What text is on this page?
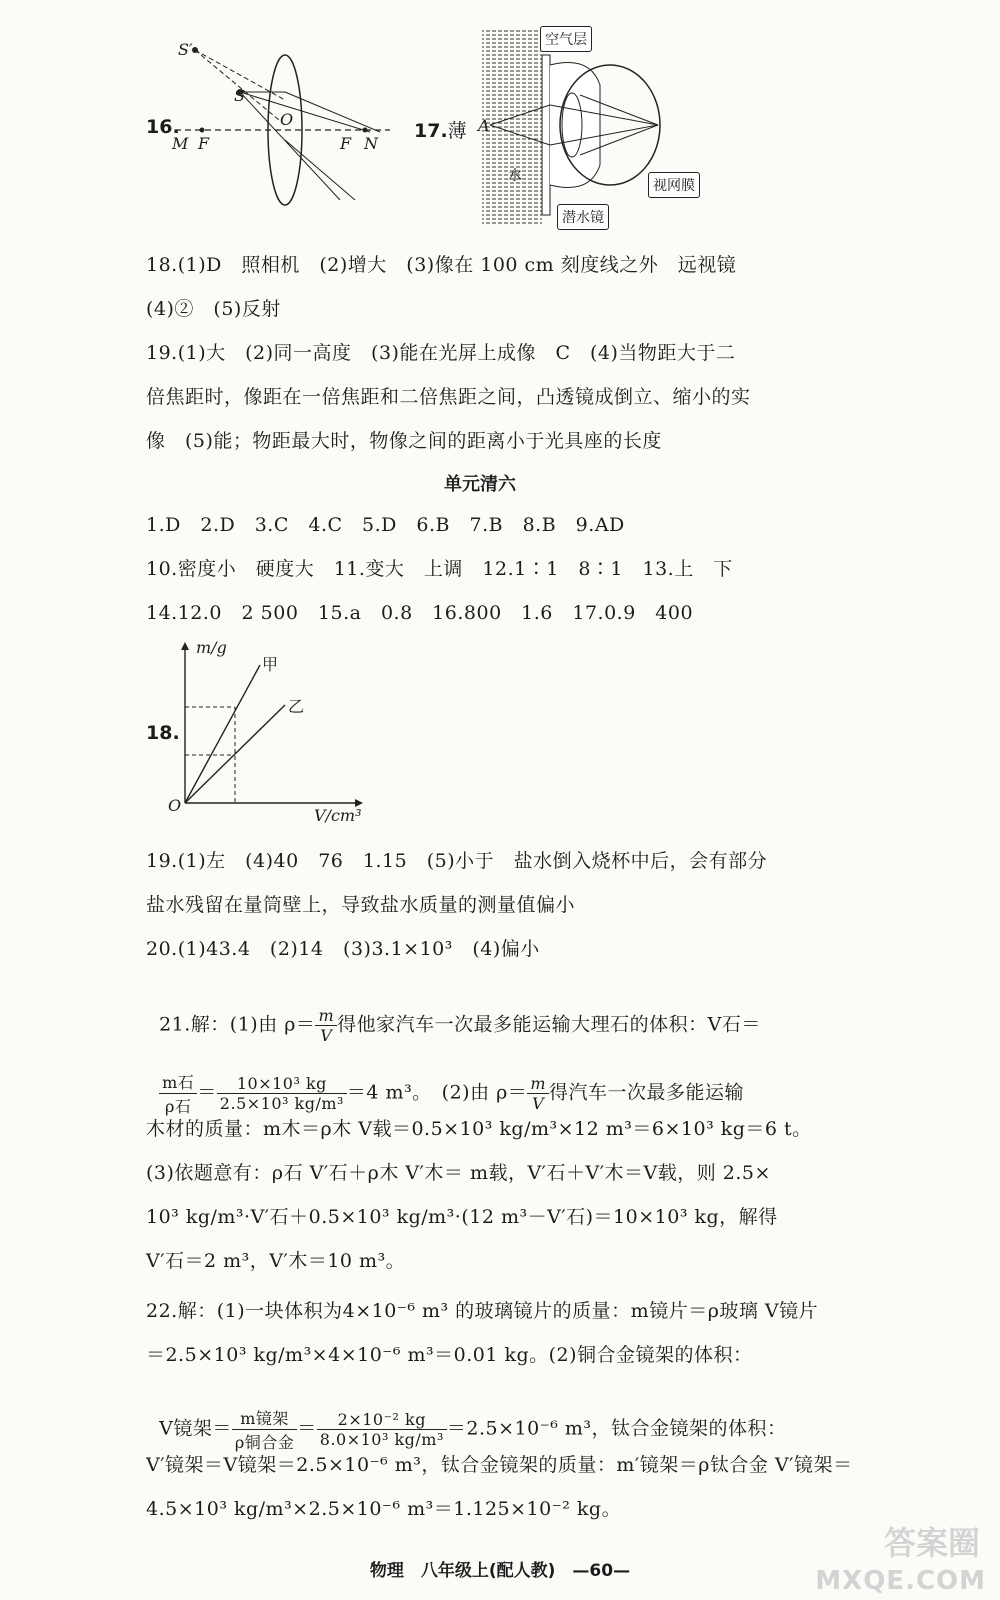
16.
S′
S
O
M F	F N
17.薄 A
空气层
水
视网膜
潜水镜
18.(1)D　照相机　(2)增大　(3)像在 100 cm 刻度线之外　远视镜
(4)②　(5)反射
19.(1)大　(2)同一高度　(3)能在光屏上成像　C　(4)当物距大于二
倍焦距时，像距在一倍焦距和二倍焦距之间，凸透镜成倒立、缩小的实
像　(5)能；物距最大时，物像之间的距离小于光具座的长度
单元清六
1.D　2.D　3.C　4.C　5.D　6.B　7.B　8.B　9.AD
10.密度小　硬度大　11.变大　上调　12.1∶1　8∶1　13.上　下
14.12.0　2 500　15.a　0.8　16.800　1.6　17.0.9　400
18.
m/g
V/cm³
O
甲
乙
19.(1)左　(4)40　76　1.15　(5)小于　盐水倒入烧杯中后，会有部分
盐水残留在量筒壁上，导致盐水质量的测量值偏小
20.(1)43.4　(2)14　(3)3.1×10³　(4)偏小

21.解：(1)由 $\rho= \frac{m}{V}$ 得他家汽车一次最多能运输大理石的体积：V石＝

$\frac{\text{m石}}{\text{ρ石}} = \frac{\text{10×10³ kg}}{\text{2.5×10³ kg/m³}} =4$ m³。　(2)由 $\rho= \frac{m}{V}$ 得汽车一次最多能运输

木材的质量：m木＝ρ木 V载＝0.5×10³ kg/m³×12 m³＝6×10³ kg＝6 t。
(3)依题意有：ρ石 V′石＋ρ木 V′木＝ m载，V′石＋V′木＝V载，则 2.5×
10³ kg/m³·V′石＋0.5×10³ kg/m³·(12 m³－V′石)＝10×10³ kg，解得
V′石＝2 m³，V′木＝10 m³。
22.解：(1)一块体积为4×10⁻⁶ m³ 的玻璃镜片的质量：m镜片＝ρ玻璃 V镜片
＝2.5×10³ kg/m³×4×10⁻⁶ m³＝0.01 kg。(2)铜合金镜架的体积：

V镜架＝ $\frac{\text{m镜架}}{\text{ρ铜合金}} = \frac{\text{2×10⁻² kg}}{\text{8.0×10³ kg/m³}} =2.5\times 10^{-6}$ m³，钛合金镜架的体积：

V′镜架＝V镜架＝2.5×10⁻⁶ m³，钛合金镜架的质量：m′镜架＝ρ钛合金 V′镜架＝
4.5×10³ kg/m³×2.5×10⁻⁶ m³＝1.125×10⁻² kg。
物理　八年级上(配人教)　—60—
答案圈
MXQE.COM
